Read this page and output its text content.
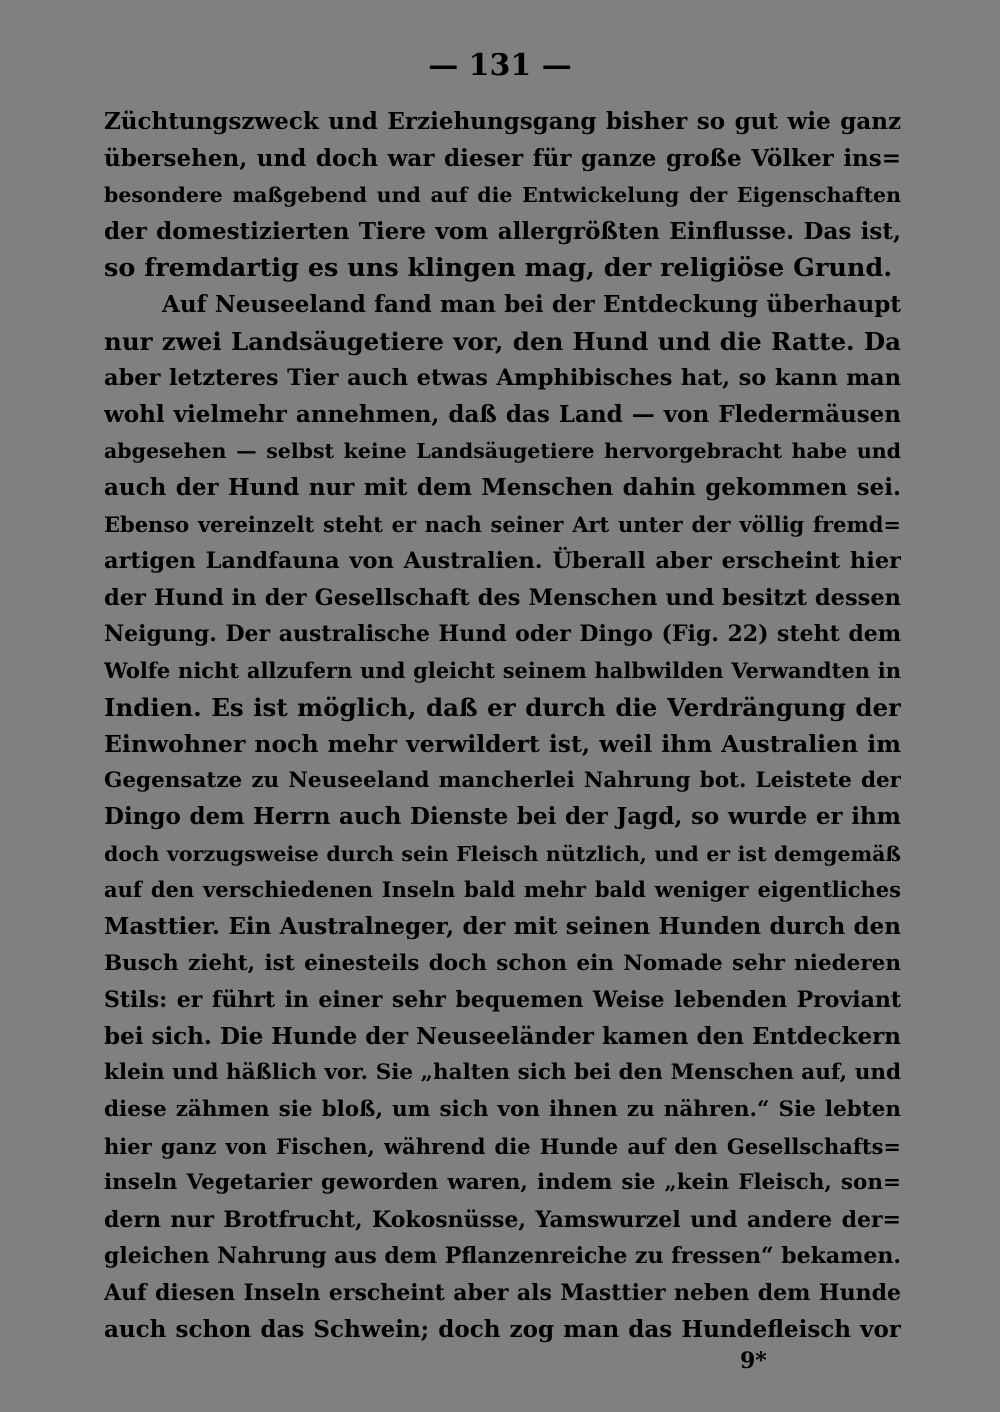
— 131 —
Züchtungszweck und Erziehungsgang bisher so gut wie ganz
übersehen, und doch war dieser für ganze große Völker ins=
besondere maßgebend und auf die Entwickelung der Eigenschaften
der domestizierten Tiere vom allergrößten Einflusse. Das ist,
so fremdartig es uns klingen mag, der religiöse Grund.
Auf Neuseeland fand man bei der Entdeckung überhaupt
nur zwei Landsäugetiere vor, den Hund und die Ratte. Da
aber letzteres Tier auch etwas Amphibisches hat, so kann man
wohl vielmehr annehmen, daß das Land — von Fledermäusen
abgesehen — selbst keine Landsäugetiere hervorgebracht habe und
auch der Hund nur mit dem Menschen dahin gekommen sei.
Ebenso vereinzelt steht er nach seiner Art unter der völlig fremd=
artigen Landfauna von Australien. Überall aber erscheint hier
der Hund in der Gesellschaft des Menschen und besitzt dessen
Neigung. Der australische Hund oder Dingo (Fig. 22) steht dem
Wolfe nicht allzufern und gleicht seinem halbwilden Verwandten in
Indien. Es ist möglich, daß er durch die Verdrängung der
Einwohner noch mehr verwildert ist, weil ihm Australien im
Gegensatze zu Neuseeland mancherlei Nahrung bot. Leistete der
Dingo dem Herrn auch Dienste bei der Jagd, so wurde er ihm
doch vorzugsweise durch sein Fleisch nützlich, und er ist demgemäß
auf den verschiedenen Inseln bald mehr bald weniger eigentliches
Masttier. Ein Australneger, der mit seinen Hunden durch den
Busch zieht, ist einesteils doch schon ein Nomade sehr niederen
Stils: er führt in einer sehr bequemen Weise lebenden Proviant
bei sich. Die Hunde der Neuseeländer kamen den Entdeckern
klein und häßlich vor. Sie „halten sich bei den Menschen auf, und
diese zähmen sie bloß, um sich von ihnen zu nähren.“ Sie lebten
hier ganz von Fischen, während die Hunde auf den Gesellschafts=
inseln Vegetarier geworden waren, indem sie „kein Fleisch, son=
dern nur Brotfrucht, Kokosnüsse, Yamswurzel und andere der=
gleichen Nahrung aus dem Pflanzenreiche zu fressen“ bekamen.
Auf diesen Inseln erscheint aber als Masttier neben dem Hunde
auch schon das Schwein; doch zog man das Hundefleisch vor
9*
